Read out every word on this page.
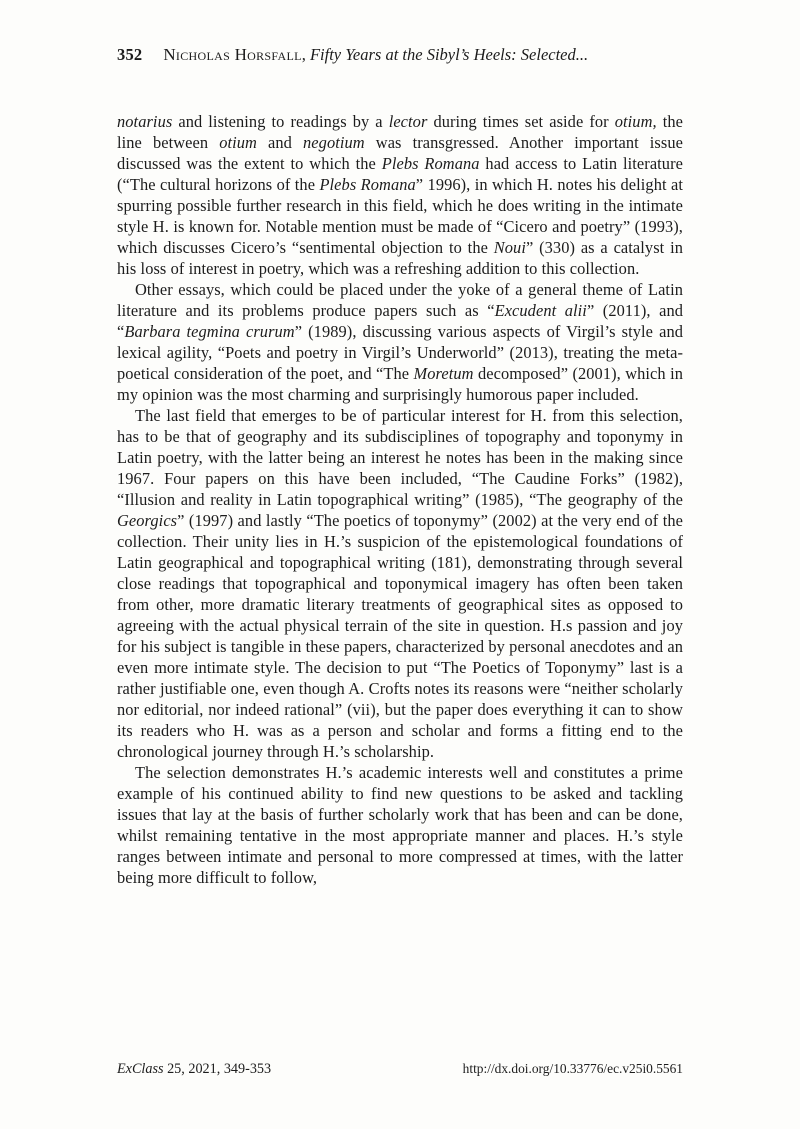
352 Nicholas Horsfall, Fifty Years at the Sibyl’s Heels: Selected...

notarius and listening to readings by a lector during times set aside for otium, the line between otium and negotium was transgressed. Another important issue discussed was the extent to which the Plebs Romana had access to Latin literature (“The cultural horizons of the Plebs Romana” 1996), in which H. notes his delight at spurring possible further research in this field, which he does writing in the intimate style H. is known for. Notable mention must be made of “Cicero and poetry” (1993), which discusses Cicero’s “sentimental objection to the Noui” (330) as a catalyst in his loss of interest in poetry, which was a refreshing addition to this collection.

Other essays, which could be placed under the yoke of a general theme of Latin literature and its problems produce papers such as “Excudent alii” (2011), and “Barbara tegmina crurum” (1989), discussing various aspects of Virgil’s style and lexical agility, “Poets and poetry in Virgil’s Underworld” (2013), treating the meta-poetical consideration of the poet, and “The Moretum decomposed” (2001), which in my opinion was the most charming and surprisingly humorous paper included.

The last field that emerges to be of particular interest for H. from this selection, has to be that of geography and its subdisciplines of topography and toponymy in Latin poetry, with the latter being an interest he notes has been in the making since 1967. Four papers on this have been included, “The Caudine Forks” (1982), “Illusion and reality in Latin topographical writing” (1985), “The geography of the Georgics” (1997) and lastly “The poetics of toponymy” (2002) at the very end of the collection. Their unity lies in H.’s suspicion of the epistemological foundations of Latin geographical and topographical writing (181), demonstrating through several close readings that topographical and toponymical imagery has often been taken from other, more dramatic literary treatments of geographical sites as opposed to agreeing with the actual physical terrain of the site in question. H.s passion and joy for his subject is tangible in these papers, characterized by personal anecdotes and an even more intimate style. The decision to put “The Poetics of Toponymy” last is a rather justifiable one, even though A. Crofts notes its reasons were “neither scholarly nor editorial, nor indeed rational” (vii), but the paper does everything it can to show its readers who H. was as a person and scholar and forms a fitting end to the chronological journey through H.’s scholarship.

The selection demonstrates H.’s academic interests well and constitutes a prime example of his continued ability to find new questions to be asked and tackling issues that lay at the basis of further scholarly work that has been and can be done, whilst remaining tentative in the most appropriate manner and places. H.’s style ranges between intimate and personal to more compressed at times, with the latter being more difficult to follow,

ExClass 25, 2021, 349-353	http://dx.doi.org/10.33776/ec.v25i0.5561
